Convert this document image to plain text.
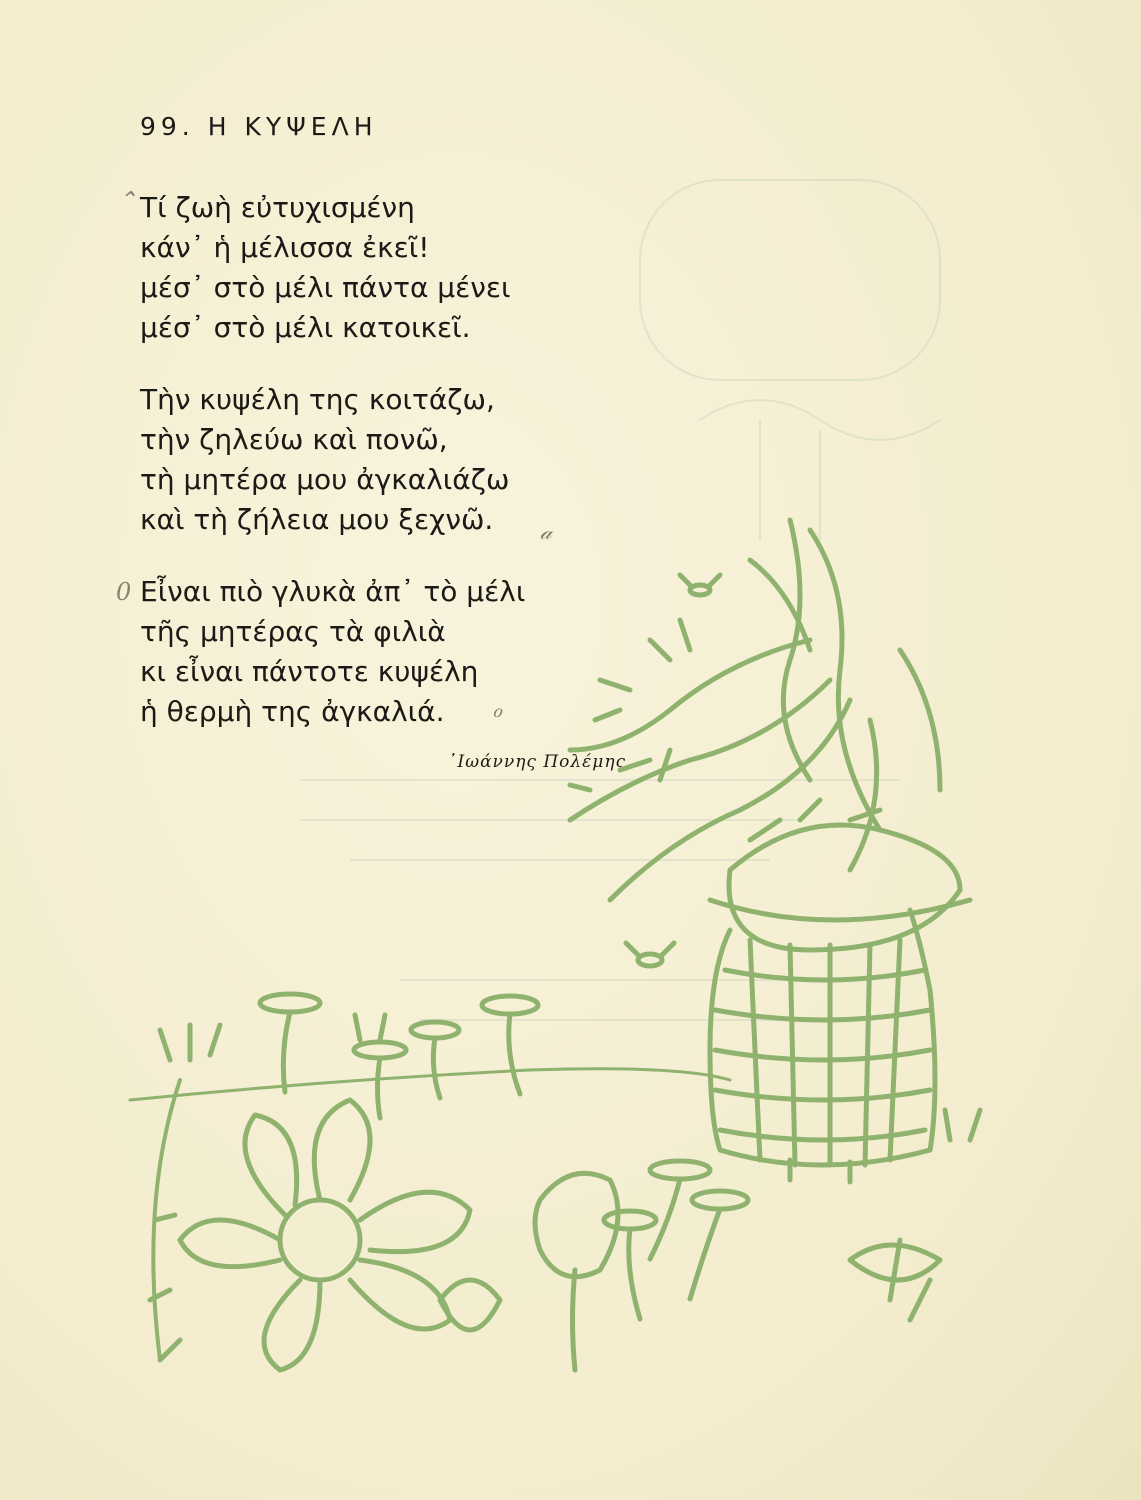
99. Η ΚΥΨΕΛΗ
Τί ζωὴ εὐτυχισμένη
κάν᾽ ἡ μέλισσα ἐκεῖ!
μέσ᾽ στὸ μέλι πάντα μένει
μέσ᾽ στὸ μέλι κατοικεῖ.
Τὴν κυψέλη της κοιτάζω,
τὴν ζηλεύω καὶ πονῶ,
τὴ μητέρα μου ἀγκαλιάζω
καὶ τὴ ζήλεια μου ξεχνῶ.
Εἶναι πιὸ γλυκὰ ἀπ᾽ τὸ μέλι
τῆς μητέρας τὰ φιλιὰ
κι εἶναι πάντοτε κυψέλη
ἡ θερμὴ της ἀγκαλιά.
᾽Ιωάννης Πολέμης
⌃
𝒶
0
ℴ
